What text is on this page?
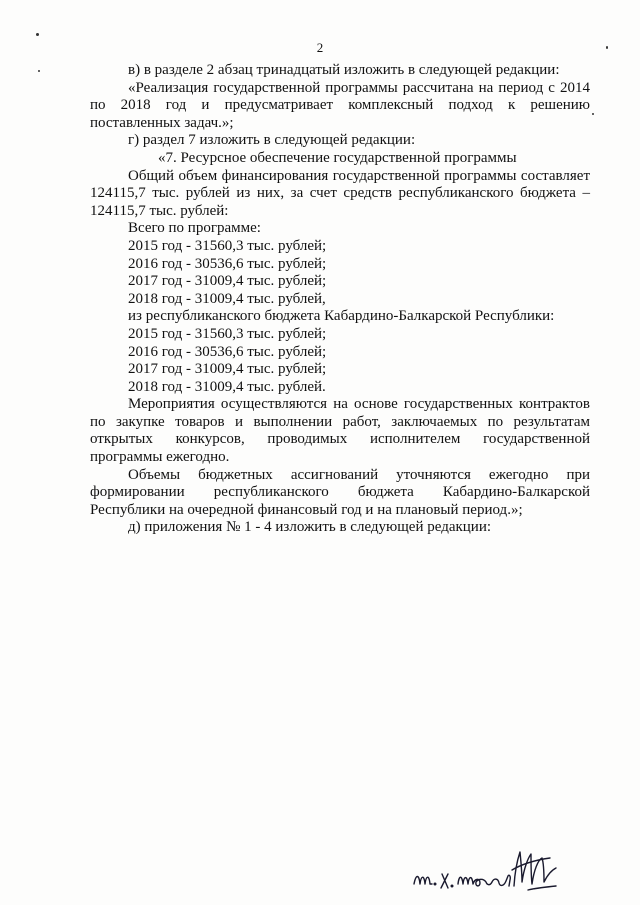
2

в) в разделе 2 абзац тринадцатый изложить в следующей редакции:

«Реализация государственной программы рассчитана на период с 2014 по 2018 год и предусматривает комплексный подход к решению поставленных задач.»;

г) раздел 7 изложить в следующей редакции:

«7. Ресурсное обеспечение государственной программы

Общий объем финансирования государственной программы составляет 124115,7 тыс. рублей из них, за счет средств республиканского бюджета – 124115,7 тыс. рублей:

Всего по программе:

2015 год - 31560,3 тыс. рублей;

2016 год - 30536,6 тыс. рублей;

2017 год - 31009,4 тыс. рублей;

2018 год - 31009,4 тыс. рублей,

из республиканского бюджета Кабардино-Балкарской Республики:

2015 год - 31560,3 тыс. рублей;

2016 год - 30536,6 тыс. рублей;

2017 год - 31009,4 тыс. рублей;

2018 год - 31009,4 тыс. рублей.

Мероприятия осуществляются на основе государственных контрактов по закупке товаров и выполнении работ, заключаемых по результатам открытых конкурсов, проводимых исполнителем государственной программы ежегодно.

Объемы бюджетных ассигнований уточняются ежегодно при формировании республиканского бюджета Кабардино-Балкарской Республики на очередной финансовый год и на плановый период.»;

д) приложения № 1 - 4 изложить в следующей редакции:
